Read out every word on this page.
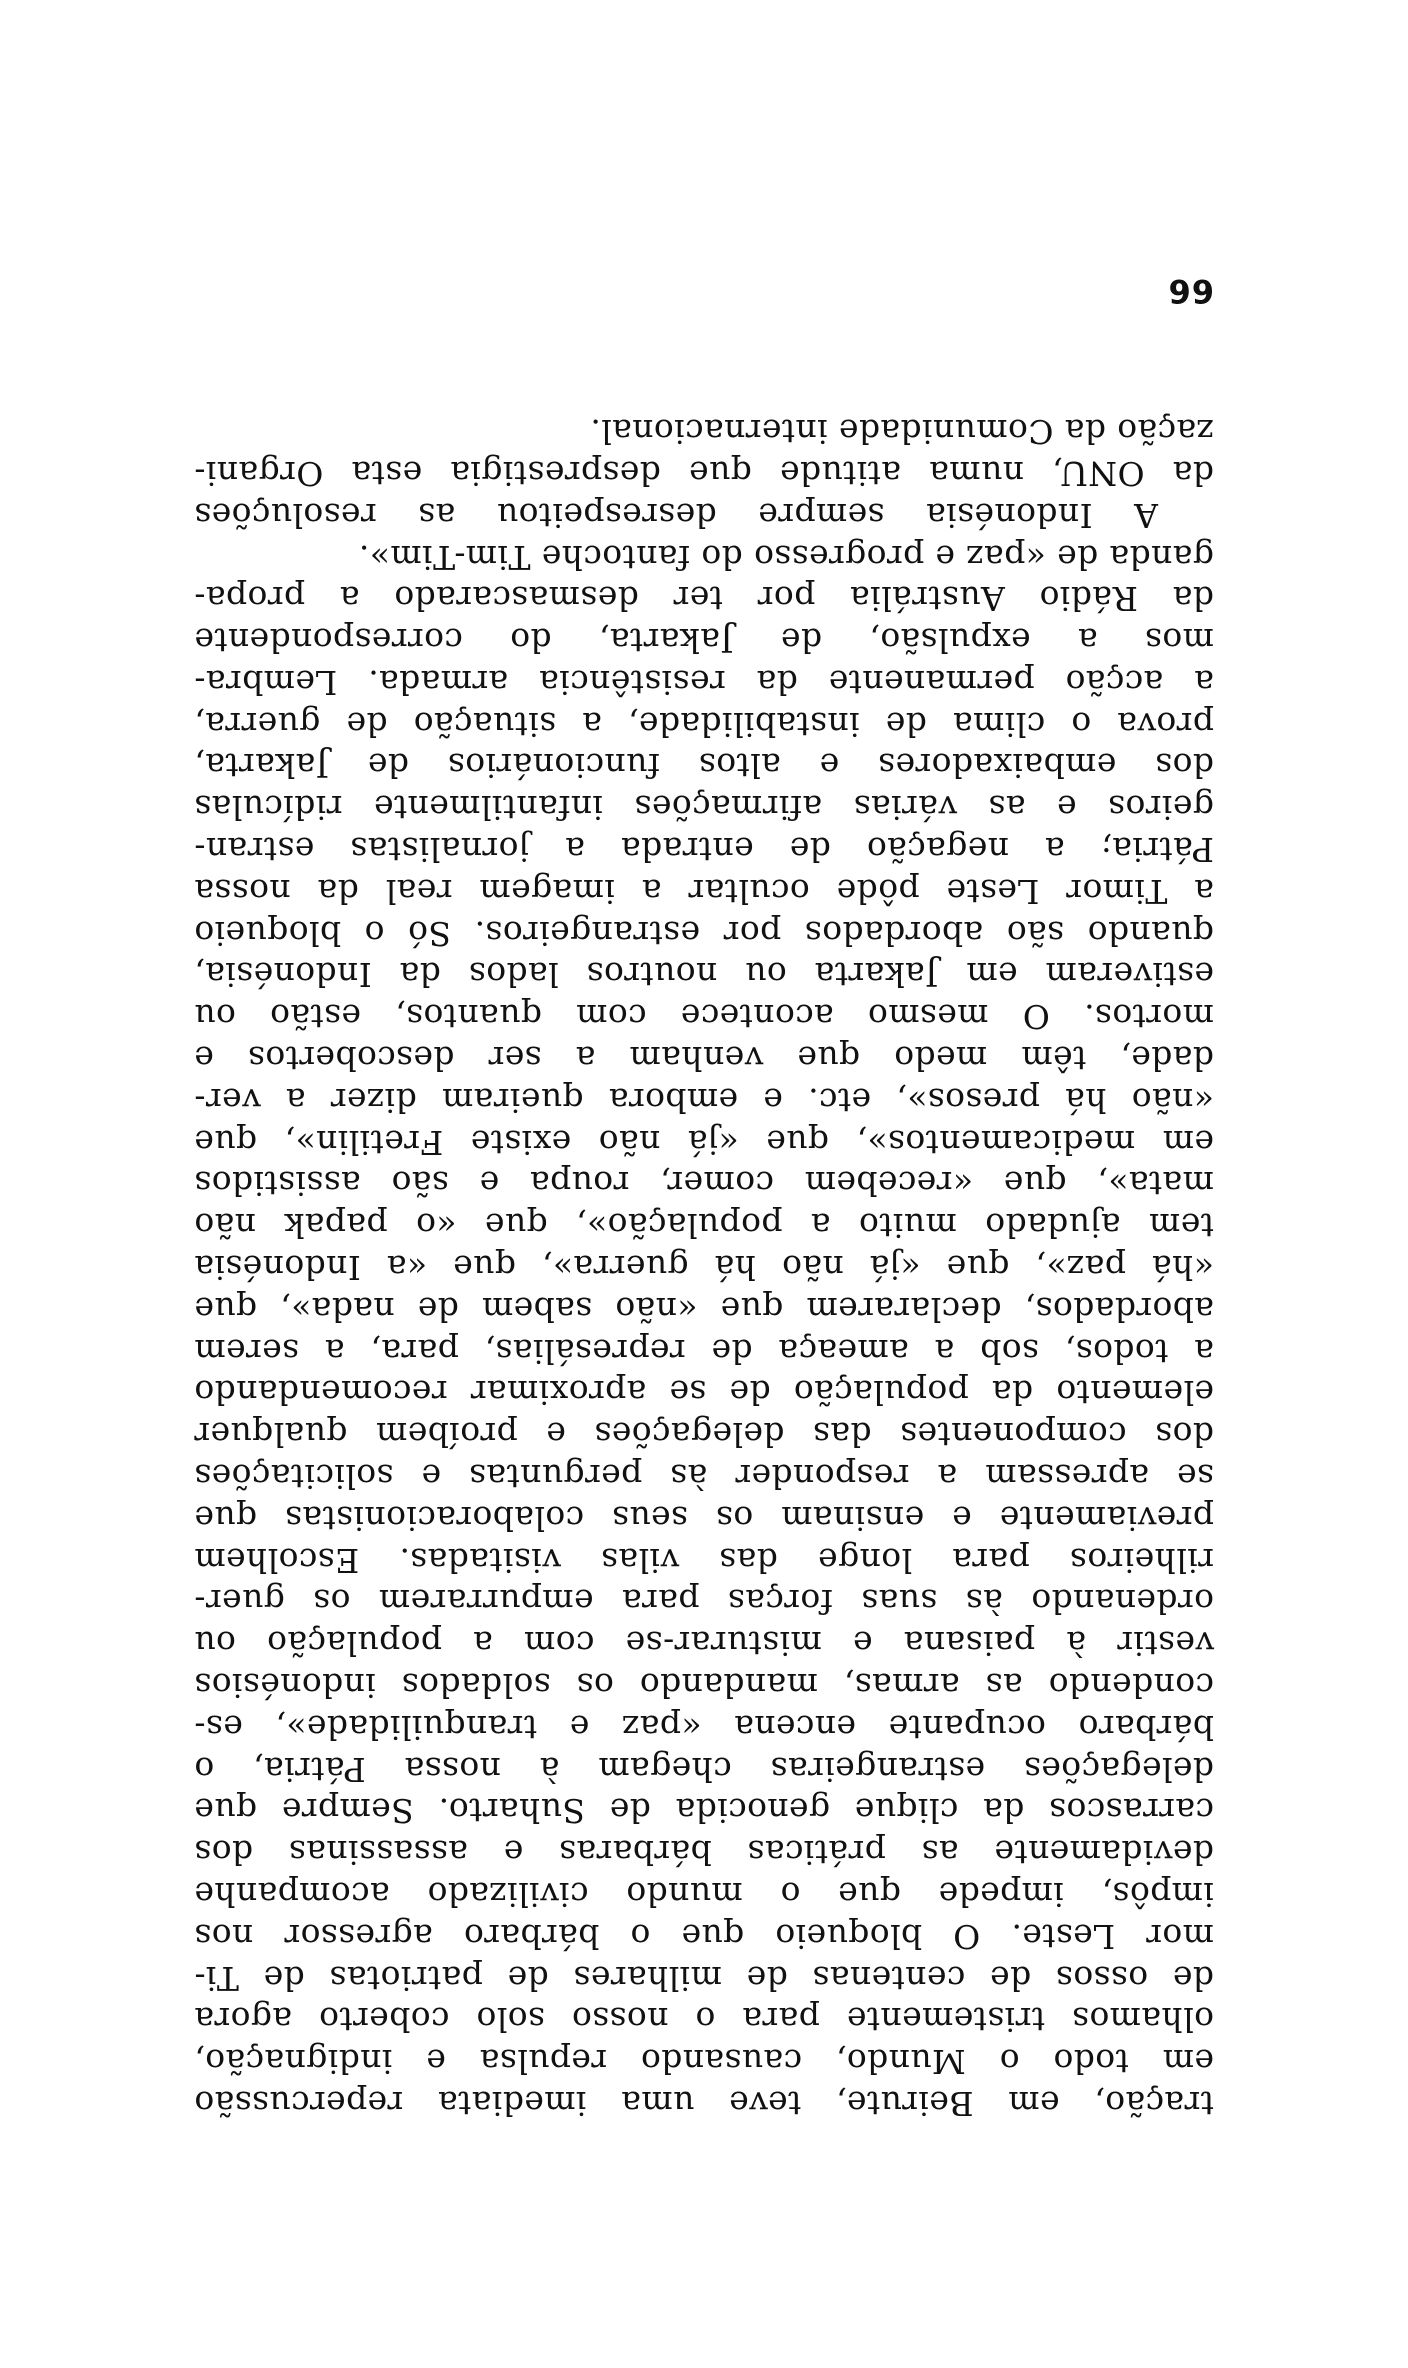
tração, em Beirute, teve uma imediata repercussão
em todo o Mundo, causando repulsa e indignação,
olhamos tristemente para o nosso solo coberto agora
de ossos de centenas de milhares de patriotas de Ti-
mor Leste. O bloqueio que o bárbaro agressor nos
impôs, impede que o mundo civilizado acompanhe
devidamente as práticas bárbaras e assassinas dos
carrascos da clique genocida de Suharto. Sempre que
delegações estrangeiras chegam à nossa Pátria, o
bárbaro ocupante encena «paz e tranquilidade», es-
condendo as armas, mandando os soldados indonésios
vestir à paisana e misturar-se com a população ou
ordenando às suas forças para empurrarem os guer-
rilheiros para longe das vilas visitadas. Escolhem
previamente e ensinam os seus colaboracionistas que
se apressam a responder às perguntas e solicitações
dos componentes das delegações e proíbem qualquer
elemento da população de se aproximar recomendando
a todos, sob a ameaça de represálias, para, a serem
abordados, declararem que «não sabem de nada», que
«há paz», que «já não há guerra», que «a Indonésia
tem ajudado muito a população», que «o papak não
mata», que «recebem comer, roupa e são assistidos
em medicamentos», que «já não existe Fretilin», que
«não há presos», etc. e embora queiram dizer a ver-
dade, têm medo que venham a ser descobertos e
mortos. O mesmo acontece com quantos, estão ou
estiveram em Jakarta ou noutros lados da Indonésia,
quando são abordados por estrangeiros. Só o bloqueio
a Timor Leste pôde ocultar a imagem real da nossa
Pátria; a negação de entrada a jornalistas estran-
geiros e as várias afirmações infantilmente ridículas
dos embaixadores e altos funcionários de Jakarta,
prova o clima de instabilidade, a situação de guerra,
a acção permanente da resistência armada. Lembra-
mos a expulsão, de Jakarta, do correspondente
da Rádio Austrália por ter desmascarado a propa-
ganda de «paz e progresso do fantoche Tim-Tim».
A Indonésia sempre desrespeitou as resoluções
da ONU, numa atitude que desprestigia esta Organi-
zação da Comunidade internacional.
66
